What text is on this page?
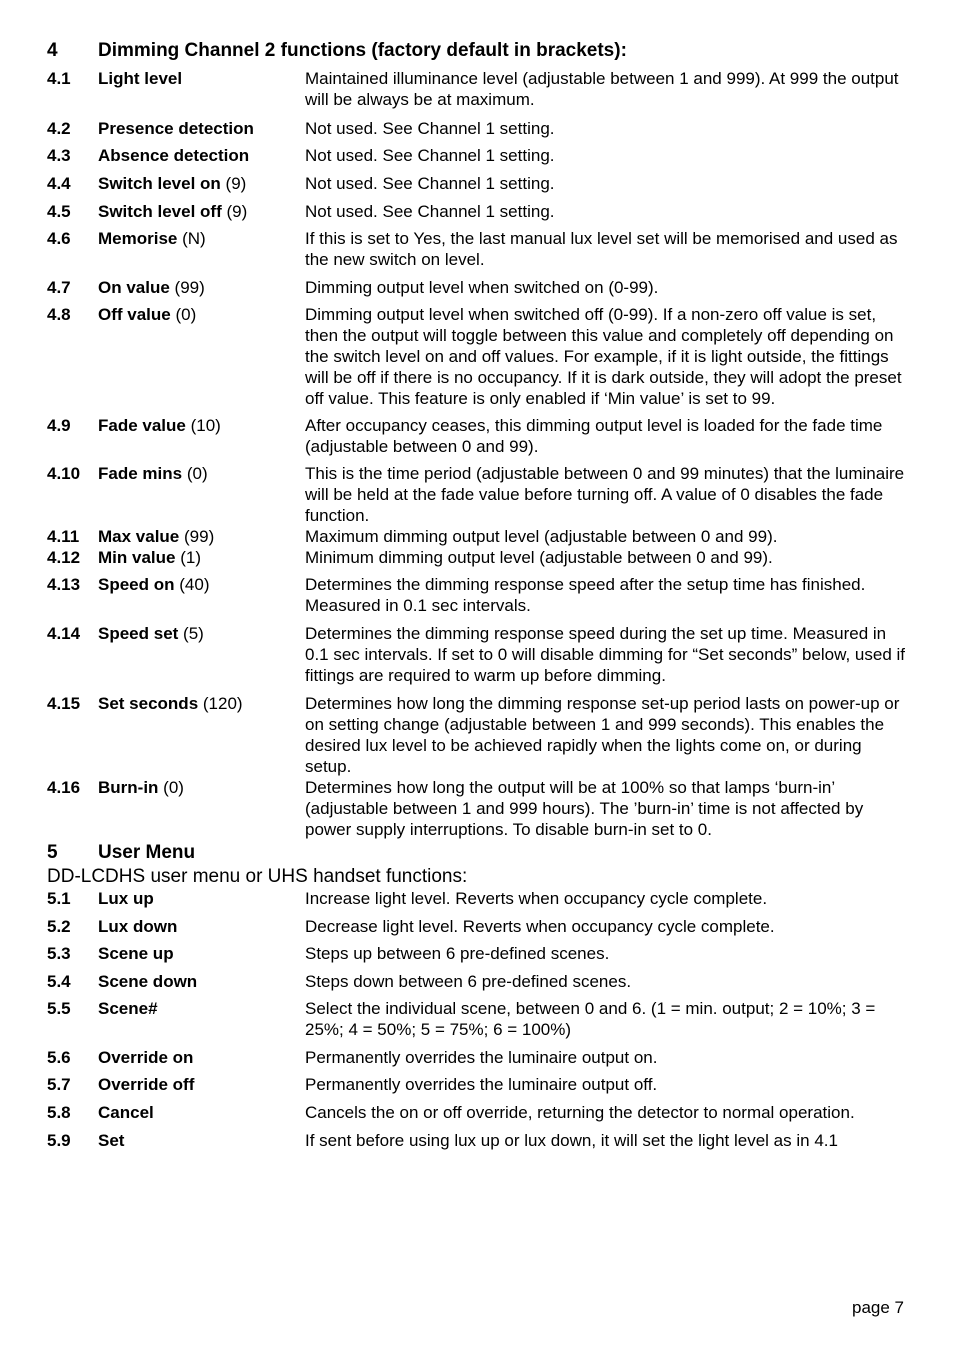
4	Dimming Channel 2 functions (factory default in brackets):
4.1	Light level	Maintained illuminance level (adjustable between 1 and 999). At 999 the output will be always be at maximum.
4.2	Presence detection	Not used. See Channel 1 setting.
4.3	Absence detection	Not used. See Channel 1 setting.
4.4	Switch level on (9)	Not used. See Channel 1 setting.
4.5	Switch level off (9)	Not used. See Channel 1 setting.
4.6	Memorise (N)	If this is set to Yes, the last manual lux level set will be memorised and used as the new switch on level.
4.7	On value (99)	Dimming output level when switched on (0-99).
4.8	Off value (0)	Dimming output level when switched off (0-99). If a non-zero off value is set, then the output will toggle between this value and completely off depending on the switch level on and off values. For example, if it is light outside, the fittings will be off if there is no occupancy. If it is dark outside, they will adopt the preset off value. This feature is only enabled if ‘Min value’ is set to 99.
4.9	Fade value (10)	After occupancy ceases, this dimming output level is loaded for the fade time (adjustable between 0 and 99).
4.10	Fade mins (0)	This is the time period (adjustable between 0 and 99 minutes) that the luminaire will be held at the fade value before turning off. A value of 0 disables the fade function.
4.11	Max value (99)	Maximum dimming output level (adjustable between 0 and 99).
4.12	Min value (1)	Minimum dimming output level (adjustable between 0 and 99).
4.13	Speed on (40)	Determines the dimming response speed after the setup time has finished. Measured in 0.1 sec intervals.
4.14	Speed set (5)	Determines the dimming response speed during the set up time. Measured in 0.1 sec intervals. If set to 0 will disable dimming for “Set seconds” below, used if fittings are required to warm up before dimming.
4.15	Set seconds (120)	Determines how long the dimming response set-up period lasts on power-up or on setting change (adjustable between 1 and 999 seconds). This enables the desired lux level to be achieved rapidly when the lights come on, or during setup.
4.16	Burn-in (0)	Determines how long the output will be at 100% so that lamps ‘burn-in’ (adjustable between 1 and 999 hours). The ’burn-in’ time is not affected by power supply interruptions. To disable burn-in set to 0.
5	User Menu
DD-LCDHS user menu or UHS handset functions:
5.1	Lux up	Increase light level. Reverts when occupancy cycle complete.
5.2	Lux down	Decrease light level. Reverts when occupancy cycle complete.
5.3	Scene up	Steps up between 6 pre-defined scenes.
5.4	Scene down	Steps down between 6 pre-defined scenes.
5.5	Scene#	Select the individual scene, between 0 and 6. (1 = min. output; 2 = 10%; 3 = 25%; 4 = 50%; 5 = 75%; 6 = 100%)
5.6	Override on	Permanently overrides the luminaire output on.
5.7	Override off	Permanently overrides the luminaire output off.
5.8	Cancel	Cancels the on or off override, returning the detector to normal operation.
5.9	Set	If sent before using lux up or lux down, it will set the light level as in 4.1
page 7
